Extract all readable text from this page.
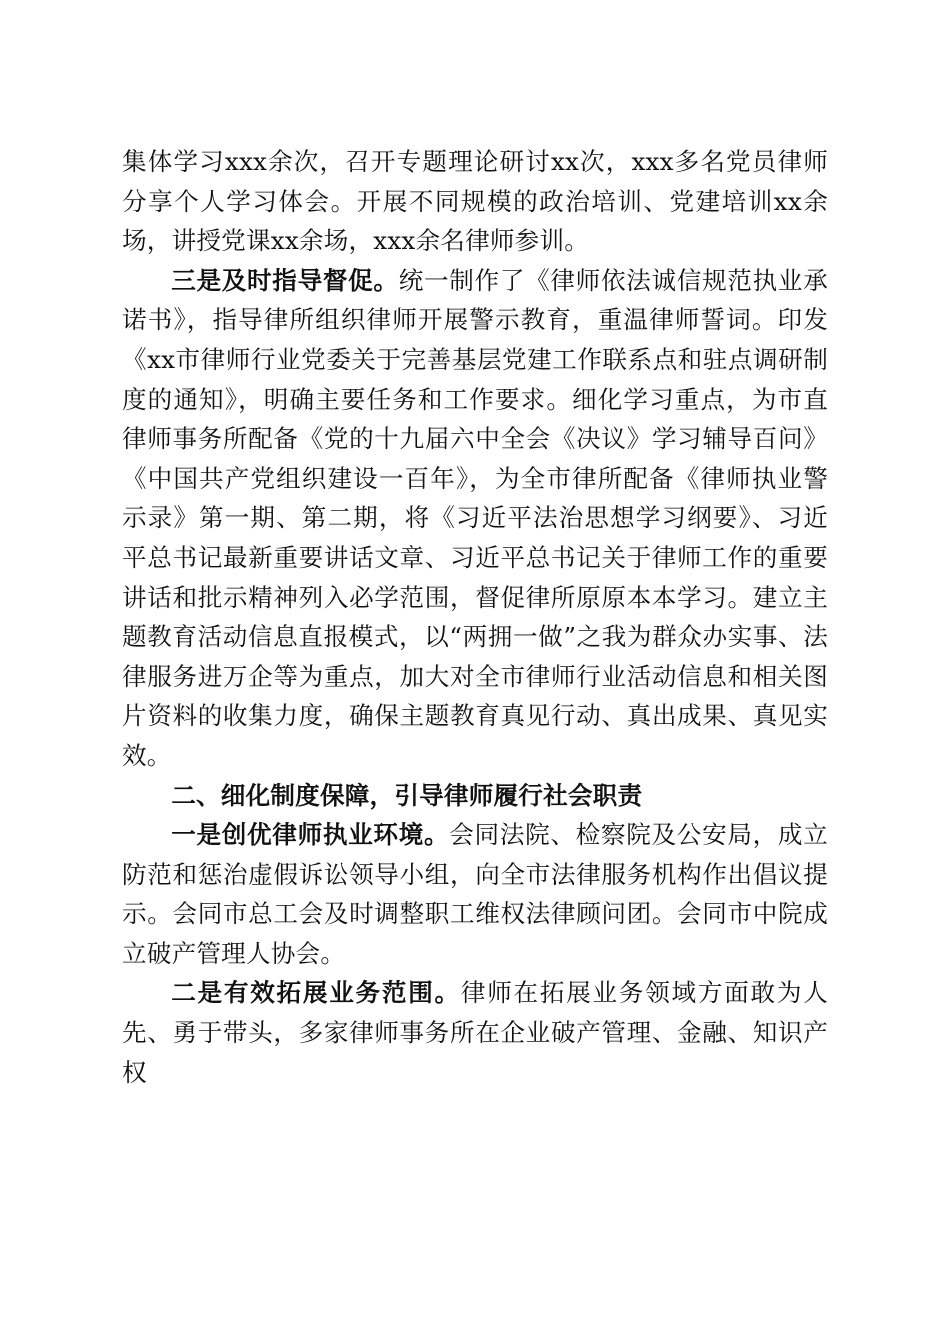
集体学习xxx余次，召开专题理论研讨xx次，xxx多名党员律师分享个人学习体会。开展不同规模的政治培训、党建培训xx余场，讲授党课xx余场，xxx余名律师参训。

三是及时指导督促。统一制作了《律师依法诚信规范执业承诺书》，指导律所组织律师开展警示教育，重温律师誓词。印发《xx市律师行业党委关于完善基层党建工作联系点和驻点调研制度的通知》，明确主要任务和工作要求。细化学习重点，为市直律师事务所配备《党的十九届六中全会《决议》学习辅导百问》《中国共产党组织建设一百年》，为全市律所配备《律师执业警示录》第一期、第二期，将《习近平法治思想学习纲要》、习近平总书记最新重要讲话文章、习近平总书记关于律师工作的重要讲话和批示精神列入必学范围，督促律所原原本本学习。建立主题教育活动信息直报模式，以“两拥一做”之我为群众办实事、法律服务进万企等为重点，加大对全市律师行业活动信息和相关图片资料的收集力度，确保主题教育真见行动、真出成果、真见实效。

二、细化制度保障，引导律师履行社会职责

一是创优律师执业环境。会同法院、检察院及公安局，成立防范和惩治虚假诉讼领导小组，向全市法律服务机构作出倡议提示。会同市总工会及时调整职工维权法律顾问团。会同市中院成立破产管理人协会。

二是有效拓展业务范围。律师在拓展业务领域方面敢为人先、勇于带头，多家律师事务所在企业破产管理、金融、知识产权
